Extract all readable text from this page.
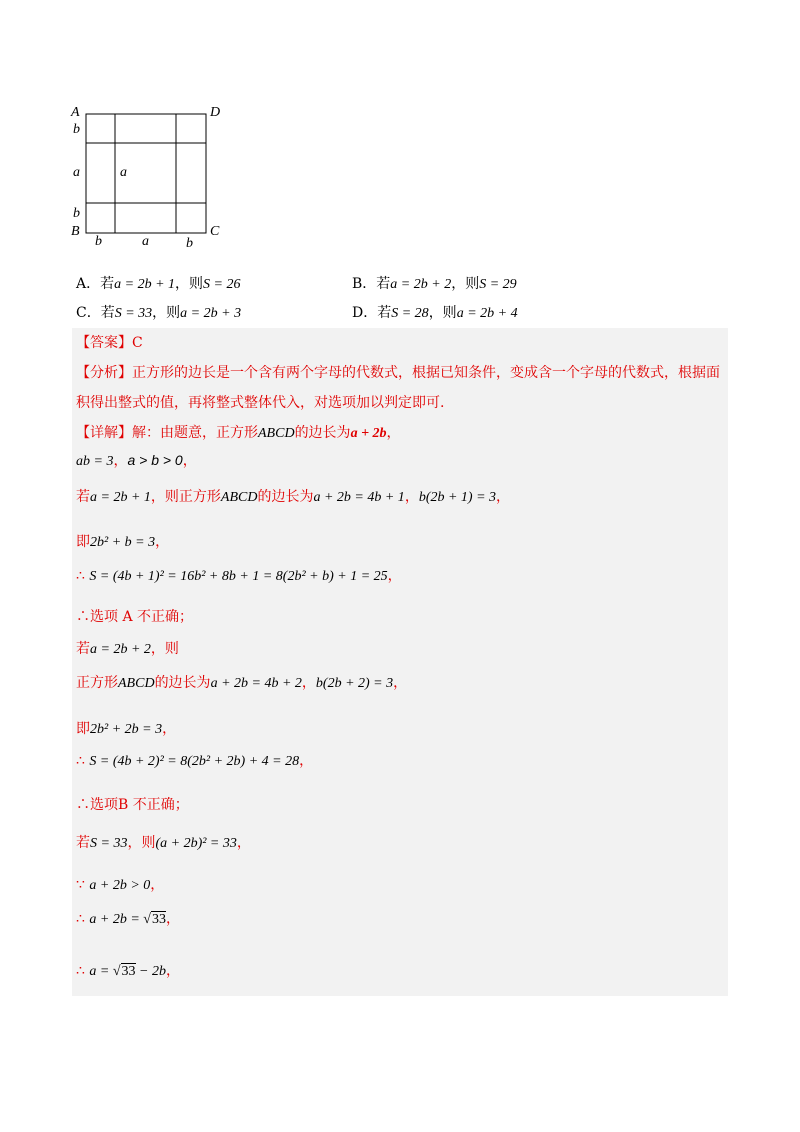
A	D
B	C
b
a
b
a
b	a	b
A．若a = 2b + 1，则S = 26	B．若a = 2b + 2，则S = 29
C．若S = 33，则a = 2b + 3	D．若S = 28，则a = 2b + 4
【答案】C
【分析】正方形的边长是一个含有两个字母的代数式，根据已知条件，变成含一个字母的代数式，根据面
积得出整式的值，再将整式整体代入，对选项加以判定即可.
【详解】解：由题意，正方形ABCD的边长为a + 2b，
ab = 3，a > b > 0，
若a = 2b + 1，则正方形ABCD的边长为a + 2b = 4b + 1，b(2b + 1) = 3，
即2b² + b = 3，
∴ S = (4b + 1)² = 16b² + 8b + 1 = 8(2b² + b) + 1 = 25，
∴选项 A 不正确；
若a = 2b + 2，则
正方形ABCD的边长为a + 2b = 4b + 2，b(2b + 2) = 3，
即2b² + 2b = 3，
∴ S = (4b + 2)² = 8(2b² + 2b) + 4 = 28，
∴选项B 不正确；
若S = 33，则(a + 2b)² = 33，
∵ a + 2b > 0，
∴ a + 2b = √33，
∴ a = √33 − 2b，
